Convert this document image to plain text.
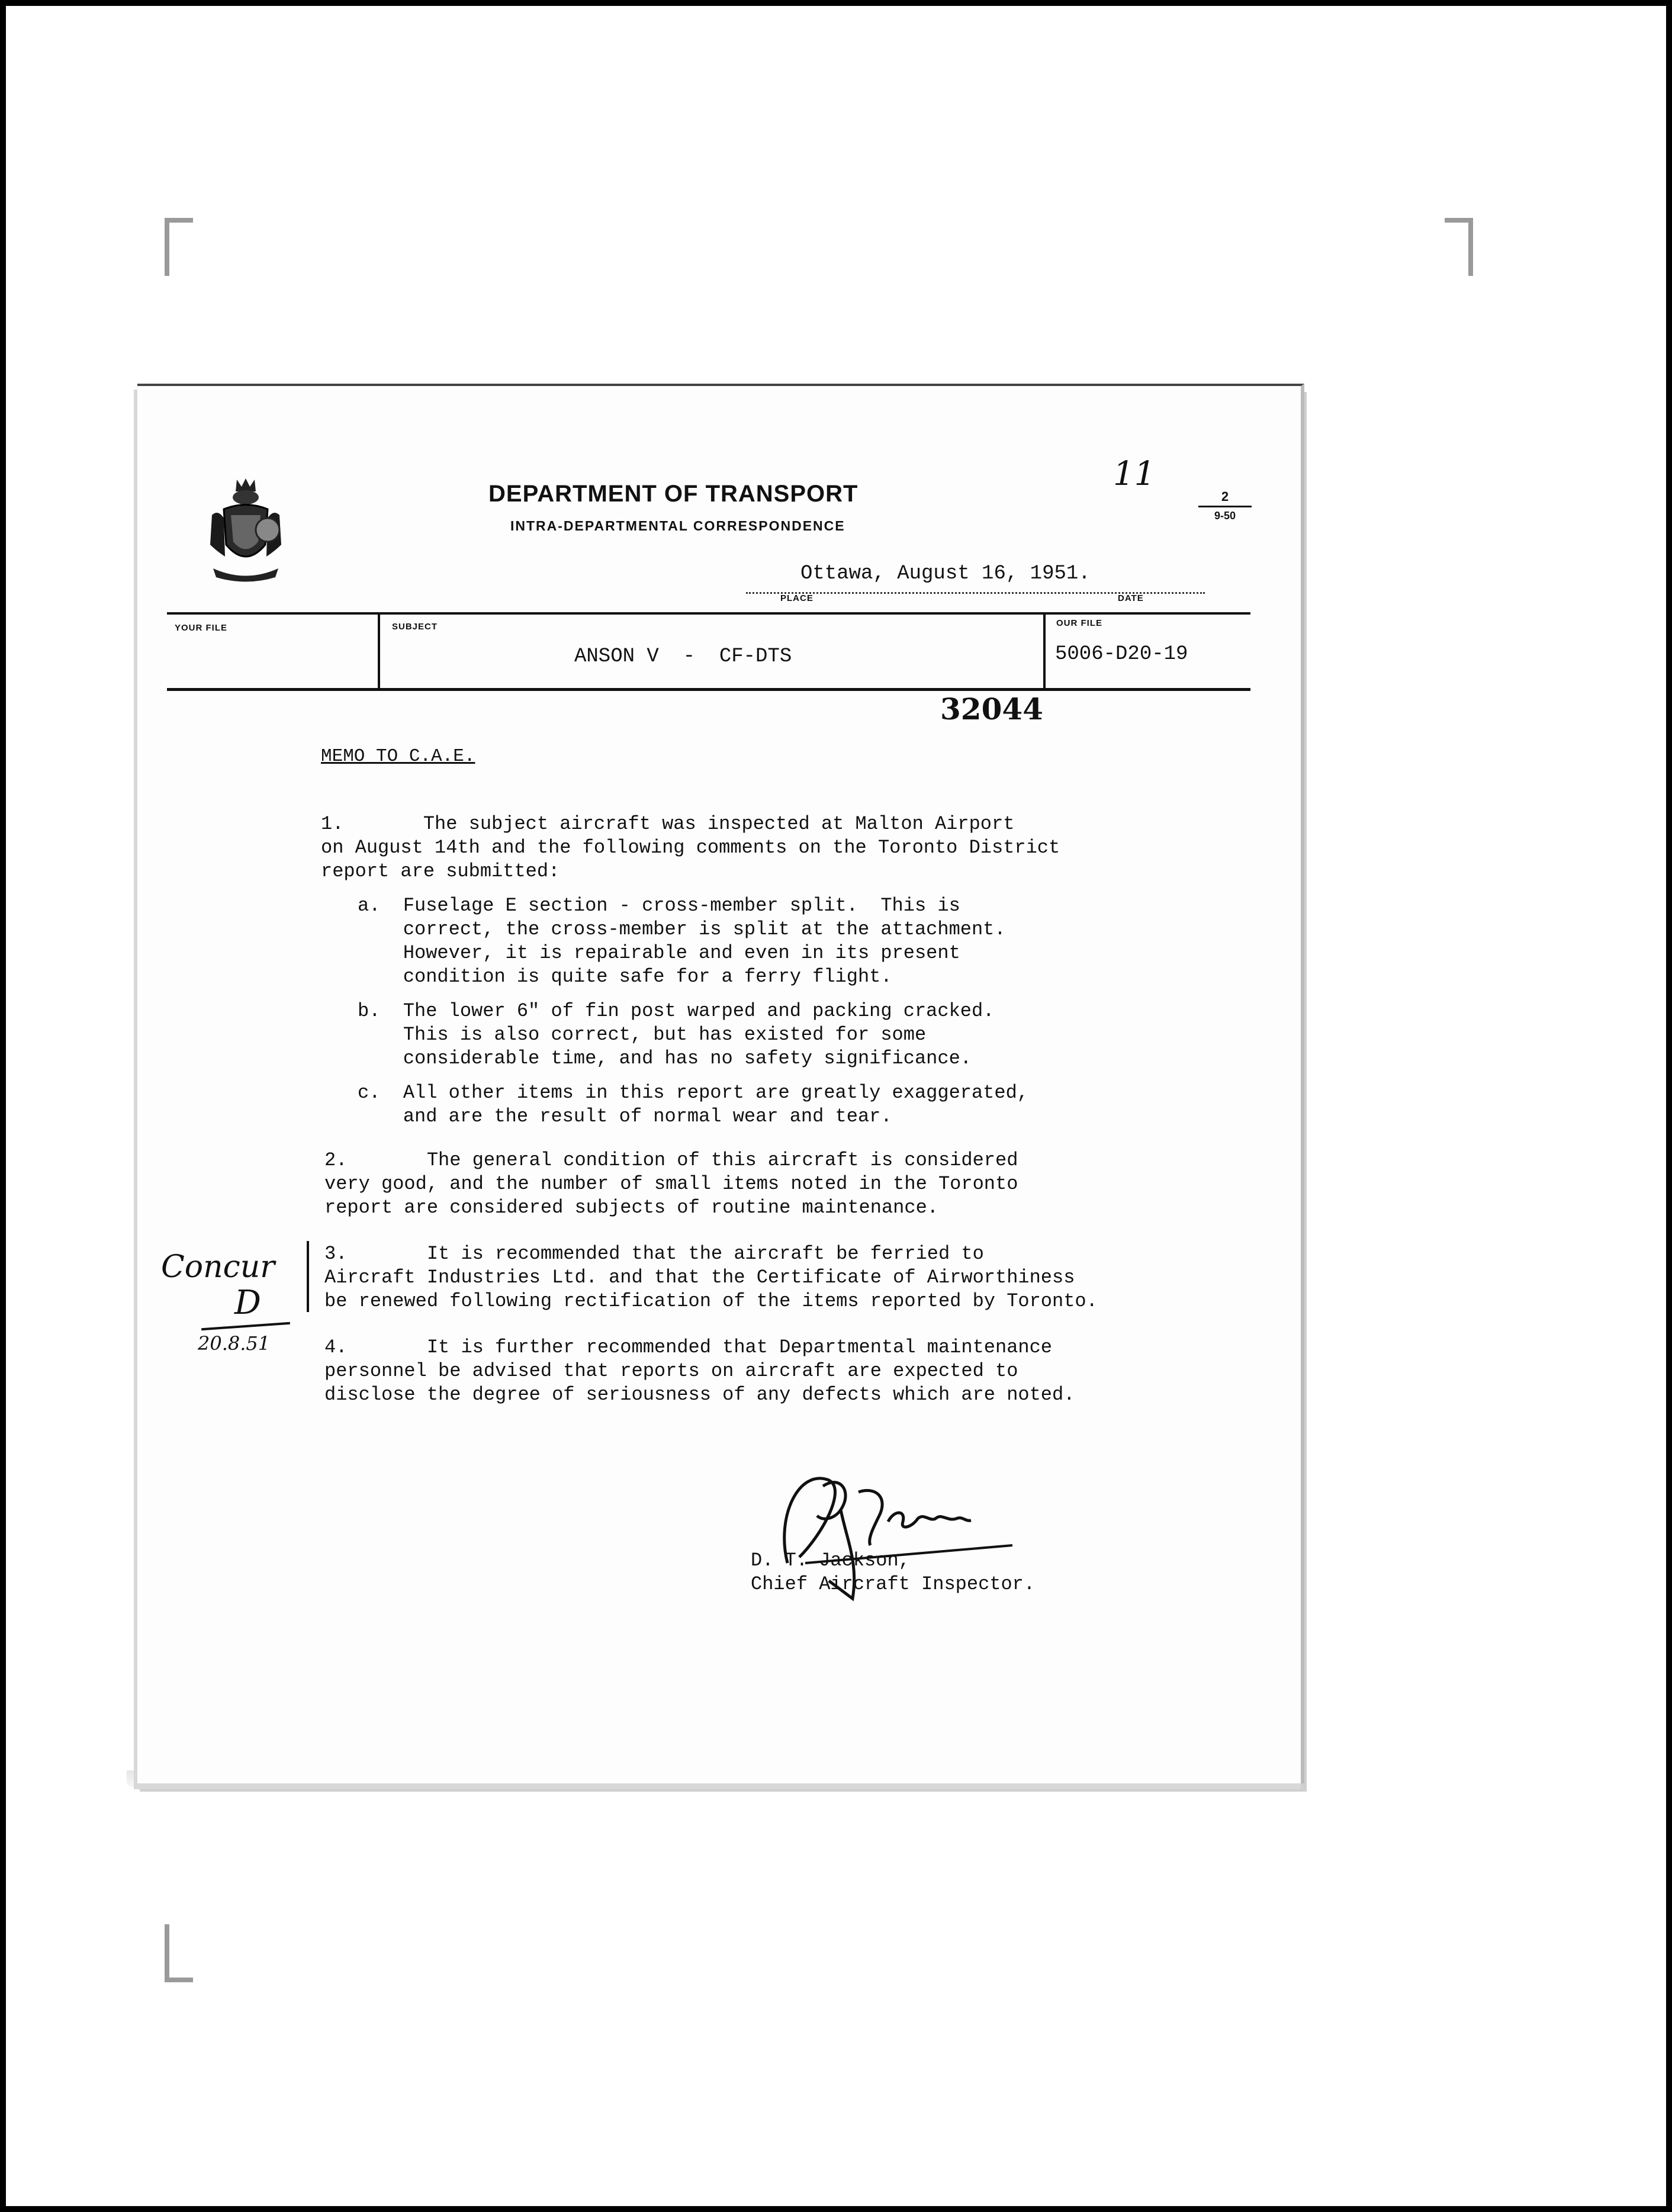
DEPARTMENT OF TRANSPORT
INTRA-DEPARTMENTAL CORRESPONDENCE
11
2
9-50
Ottawa, August 16, 1951.
PLACE	DATE
YOUR FILE	SUBJECT
ANSON V  -  CF-DTS
OUR FILE
5006-D20-19
32044
MEMO TO C.A.E.
1.       The subject aircraft was inspected at Malton Airport
on August 14th and the following comments on the Toronto District
report are submitted:
a.  Fuselage E section - cross-member split.  This is
correct, the cross-member is split at the attachment.
However, it is repairable and even in its present
condition is quite safe for a ferry flight.
b.  The lower 6" of fin post warped and packing cracked.
This is also correct, but has existed for some
considerable time, and has no safety significance.
c.  All other items in this report are greatly exaggerated,
and are the result of normal wear and tear.
2.       The general condition of this aircraft is considered
very good, and the number of small items noted in the Toronto
report are considered subjects of routine maintenance.
3.       It is recommended that the aircraft be ferried to
Aircraft Industries Ltd. and that the Certificate of Airworthiness
be renewed following rectification of the items reported by Toronto.
4.       It is further recommended that Departmental maintenance
personnel be advised that reports on aircraft are expected to
disclose the degree of seriousness of any defects which are noted.
Concur
D
20.8.51
D. T. Jackson,
Chief Aircraft Inspector.
